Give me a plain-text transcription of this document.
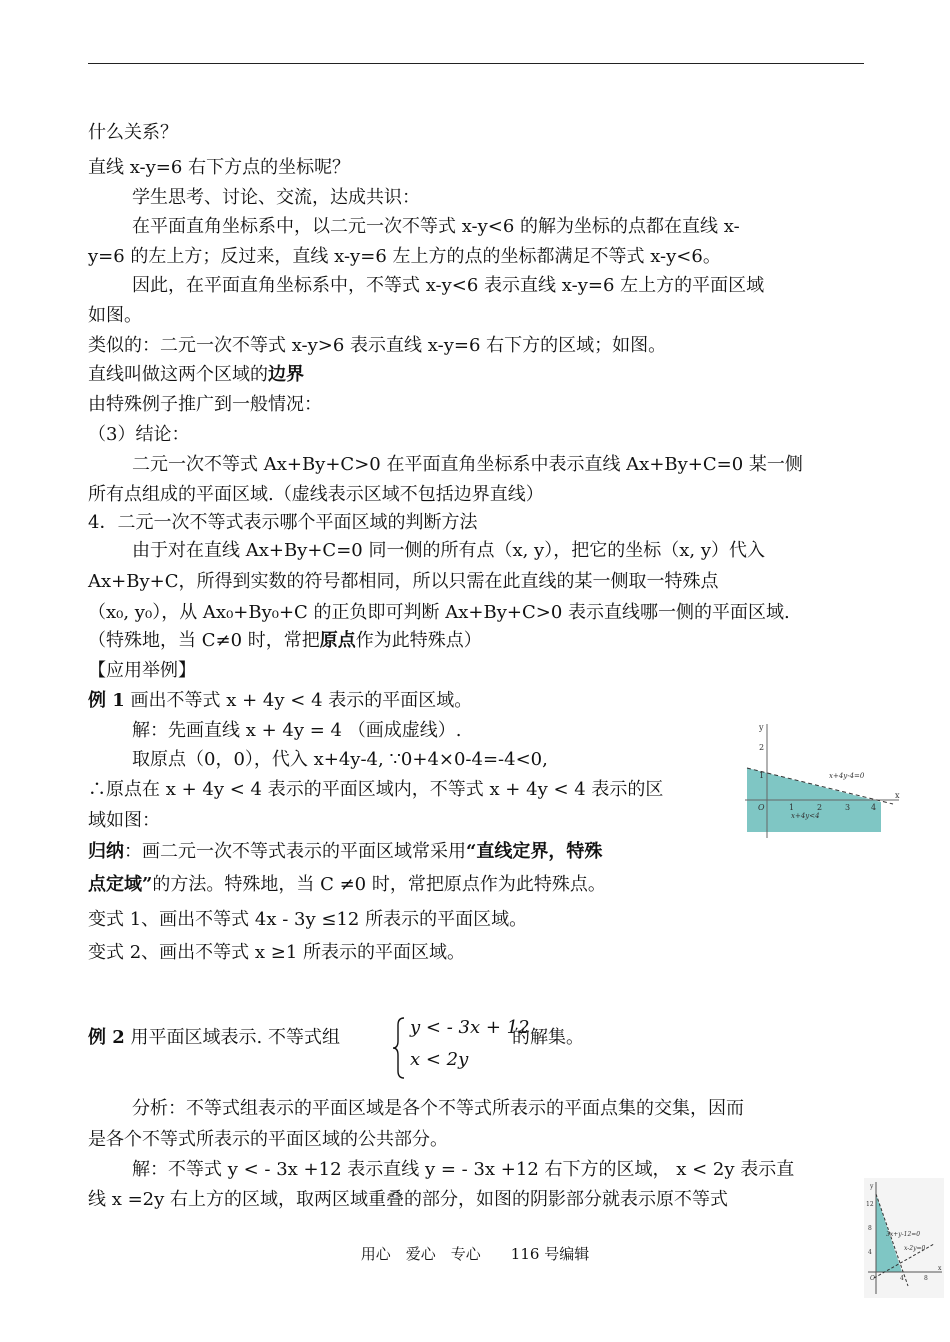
什么关系？
直线 x-y=6 右下方点的坐标呢？
学生思考、讨论、交流，达成共识：
在平面直角坐标系中，以二元一次不等式 x-y<6 的解为坐标的点都在直线 x-
y=6 的左上方；反过来，直线 x-y=6 左上方的点的坐标都满足不等式 x-y<6。
因此，在平面直角坐标系中，不等式 x-y<6 表示直线 x-y=6 左上方的平面区域
如图。
类似的：二元一次不等式 x-y>6 表示直线 x-y=6 右下方的区域；如图。
直线叫做这两个区域的边界
由特殊例子推广到一般情况：
（3）结论：
二元一次不等式 Ax+By+C>0 在平面直角坐标系中表示直线 Ax+By+C=0 某一侧
所有点组成的平面区域.（虚线表示区域不包括边界直线）
4．二元一次不等式表示哪个平面区域的判断方法
由于对在直线 Ax+By+C=0 同一侧的所有点（x, y），把它的坐标（x, y）代入
Ax+By+C，所得到实数的符号都相同，所以只需在此直线的某一侧取一特殊点
（x₀, y₀），从 Ax₀+By₀+C 的正负即可判断 Ax+By+C>0 表示直线哪一侧的平面区域.
（特殊地，当 C≠0 时，常把原点作为此特殊点）
【应用举例】
例 1 画出不等式 x + 4y < 4 表示的平面区域。
解：先画直线 x + 4y = 4 （画成虚线）.
取原点（0，0），代入 x+4y-4, ∵0+4×0-4=-4<0,
∴原点在 x + 4y < 4 表示的平面区域内，不等式 x + 4y < 4 表示的区
域如图：
归纳：画二元一次不等式表示的平面区域常采用“直线定界，特殊
点定域”的方法。特殊地，当 C ≠0 时，常把原点作为此特殊点。
变式 1、画出不等式 4x - 3y ≤12 所表示的平面区域。
变式 2、画出不等式 x ≥1 所表示的平面区域。
例 2 用平面区域表示. 不等式组	y < - 3x + 12
x < 2y
的解集。
分析：不等式组表示的平面区域是各个不等式所表示的平面点集的交集，因而
是各个不等式所表示的平面区域的公共部分。
解：不等式 y < - 3x +12 表示直线 y = - 3x +12 右下方的区域， x < 2y 表示直
线 x =2y 右上方的区域，取两区域重叠的部分，如图的阴影部分就表示原不等式
y
x
2
1
O	1	2	3	4
x+4y-4=0
x+4y<4
y
x
12
8
4
O	4	8
3x+y-12=0
x-2y=0
用心　爱心　专心　　116 号编辑
